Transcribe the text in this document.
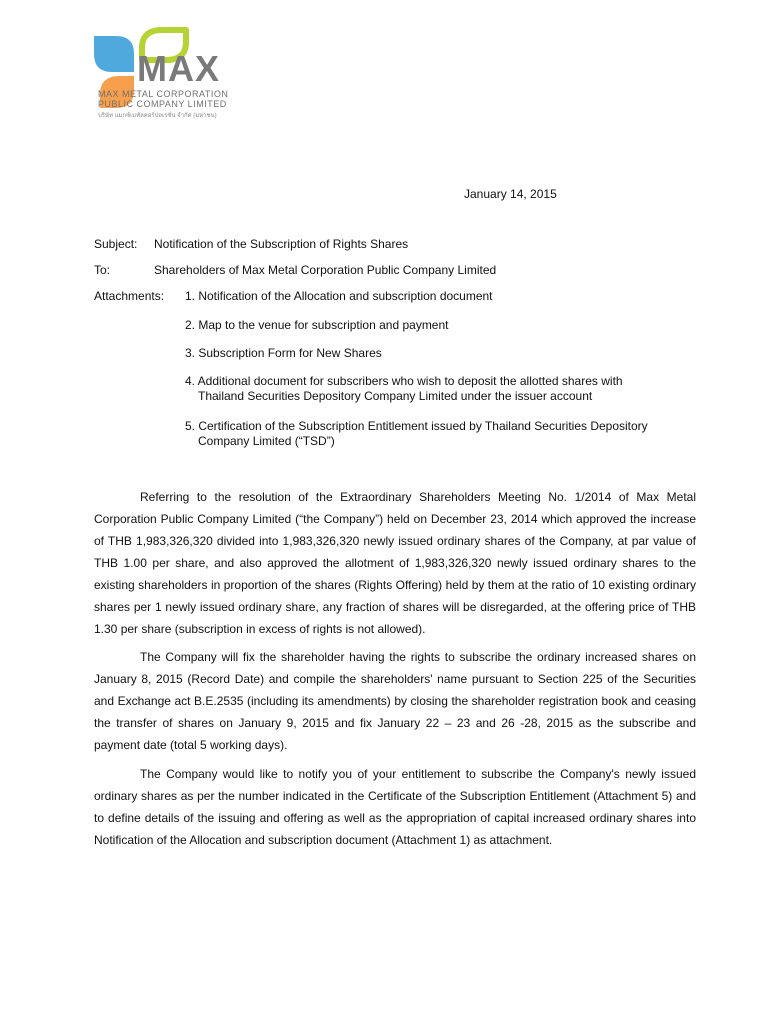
MAX
MAX METAL CORPORATION
PUBLIC COMPANY LIMITED
บริษัท แมกซ์เมทัลคอร์ปอเรชั่น จำกัด (มหาชน)
January 14, 2015
Subject: Notification of the Subscription of Rights Shares
To:	Shareholders of Max Metal Corporation Public Company Limited
Attachments: 1. Notification of the Allocation and subscription document
2. Map to the venue for subscription and payment
3. Subscription Form for New Shares
4. Additional document for subscribers who wish to deposit the allotted shares with
Thailand Securities Depository Company Limited under the issuer account
5. Certification of the Subscription Entitlement issued by Thailand Securities Depository
Company Limited (“TSD”)

Referring to the resolution of the Extraordinary Shareholders Meeting No. 1/2014 of Max Metal Corporation Public Company Limited (“the Company”) held on December 23, 2014 which approved the increase of THB 1,983,326,320 divided into 1,983,326,320 newly issued ordinary shares of the Company, at par value of THB 1.00 per share, and also approved the allotment of 1,983,326,320 newly issued ordinary shares to the existing shareholders in proportion of the shares (Rights Offering) held by them at the ratio of 10 existing ordinary shares per 1 newly issued ordinary share, any fraction of shares will be disregarded, at the offering price of THB 1.30 per share (subscription in excess of rights is not allowed).

The Company will fix the shareholder having the rights to subscribe the ordinary increased shares on January 8, 2015 (Record Date) and compile the shareholders' name pursuant to Section 225 of the Securities and Exchange act B.E.2535 (including its amendments) by closing the shareholder registration book and ceasing the transfer of shares on January 9, 2015 and fix January 22 – 23 and 26 -28, 2015 as the subscribe and payment date (total 5 working days).

The Company would like to notify you of your entitlement to subscribe the Company's newly issued ordinary shares as per the number indicated in the Certificate of the Subscription Entitlement (Attachment 5) and to define details of the issuing and offering as well as the appropriation of capital increased ordinary shares into Notification of the Allocation and subscription document (Attachment 1) as attachment.
